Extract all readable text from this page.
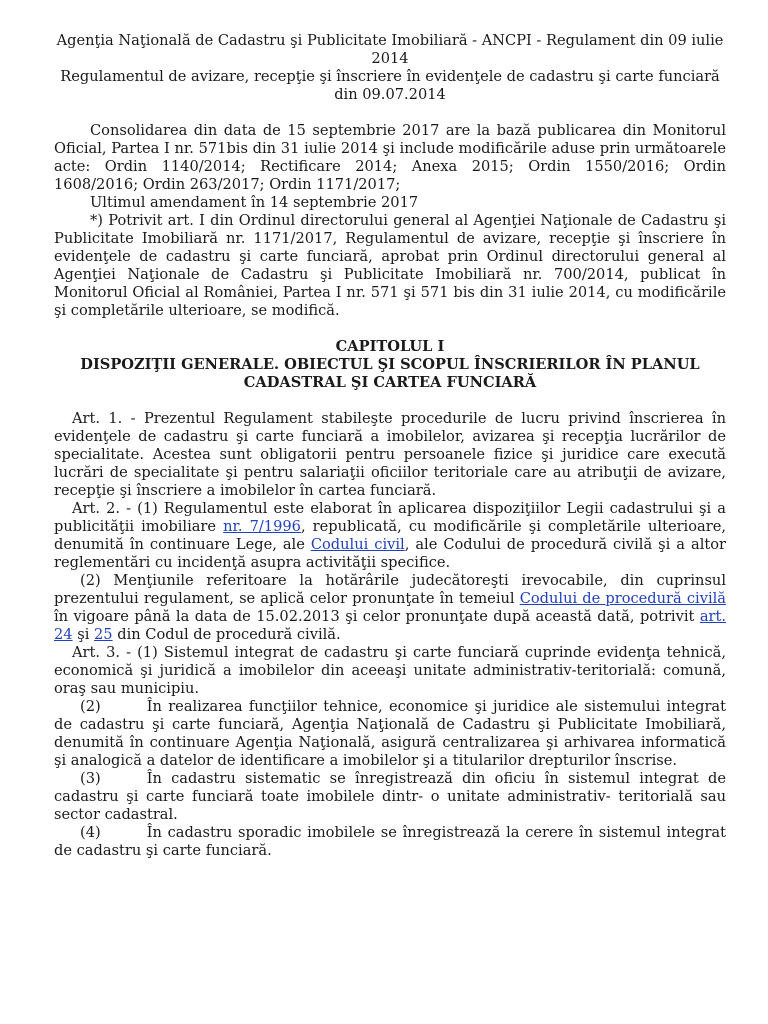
Agenţia Naţională de Cadastru şi Publicitate Imobiliară - ANCPI - Regulament din 09 iulie 2014

Regulamentul de avizare, recepţie şi înscriere în evidenţele de cadastru şi carte funciară din 09.07.2014

Consolidarea din data de 15 septembrie 2017 are la bază publicarea din Monitorul Oficial, Partea I nr. 571bis din 31 iulie 2014 şi include modificările aduse prin următoarele acte: Ordin 1140/2014; Rectificare 2014; Anexa 2015; Ordin 1550/2016; Ordin 1608/2016; Ordin 263/2017; Ordin 1171/2017;

Ultimul amendament în 14 septembrie 2017

*) Potrivit art. I din Ordinul directorului general al Agenţiei Naţionale de Cadastru şi Publicitate Imobiliară nr. 1171/2017, Regulamentul de avizare, recepţie şi înscriere în evidenţele de cadastru şi carte funciară, aprobat prin Ordinul directorului general al Agenţiei Naţionale de Cadastru şi Publicitate Imobiliară nr. 700/2014, publicat în Monitorul Oficial al României, Partea I nr. 571 şi 571 bis din 31 iulie 2014, cu modificările şi completările ulterioare, se modifică.

CAPITOLUL I

DISPOZIŢII GENERALE. OBIECTUL ŞI SCOPUL ÎNSCRIERILOR ÎN PLANUL CADASTRAL ŞI CARTEA FUNCIARĂ

Art. 1. - Prezentul Regulament stabileşte procedurile de lucru privind înscrierea în evidenţele de cadastru şi carte funciară a imobilelor, avizarea şi recepţia lucrărilor de specialitate. Acestea sunt obligatorii pentru persoanele fizice şi juridice care execută lucrări de specialitate şi pentru salariaţii oficiilor teritoriale care au atribuţii de avizare, recepţie şi înscriere a imobilelor în cartea funciară.

Art. 2. - (1) Regulamentul este elaborat în aplicarea dispoziţiilor Legii cadastrului şi a publicităţii imobiliare nr. 7/1996, republicată, cu modificările şi completările ulterioare, denumită în continuare Lege, ale Codului civil, ale Codului de procedură civilă şi a altor reglementări cu incidenţă asupra activităţii specifice.

(2) Menţiunile referitoare la hotărârile judecătoreşti irevocabile, din cuprinsul prezentului regulament, se aplică celor pronunţate în temeiul Codului de procedură civilă în vigoare până la data de 15.02.2013 şi celor pronunţate după această dată, potrivit art. 24 şi 25 din Codul de procedură civilă.

Art. 3. - (1) Sistemul integrat de cadastru şi carte funciară cuprinde evidenţa tehnică, economică şi juridică a imobilelor din aceeaşi unitate administrativ-teritorială: comună, oraş sau municipiu.

(2)	În realizarea funcţiilor tehnice, economice şi juridice ale sistemului integrat de cadastru şi carte funciară, Agenţia Naţională de Cadastru şi Publicitate Imobiliară, denumită în continuare Agenţia Naţională, asigură centralizarea şi arhivarea informatică şi analogică a datelor de identificare a imobilelor şi a titularilor drepturilor înscrise.

(3)	În cadastru sistematic se înregistrează din oficiu în sistemul integrat de cadastru şi carte funciară toate imobilele dintr- o unitate administrativ- teritorială sau sector cadastral.

(4)	În cadastru sporadic imobilele se înregistrează la cerere în sistemul integrat de cadastru şi carte funciară.
